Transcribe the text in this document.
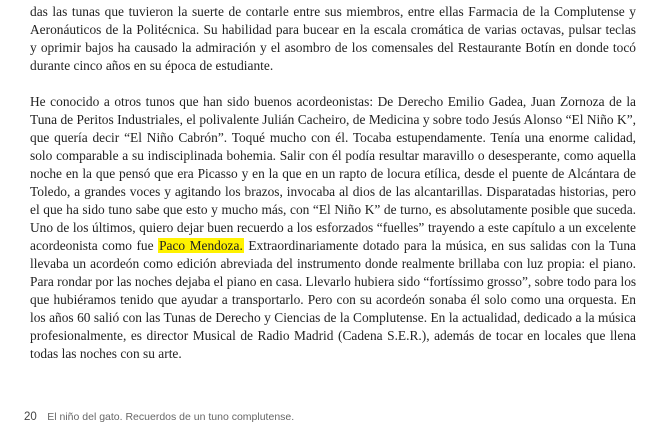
das las tunas que tuvieron la suerte de contarle entre sus miembros, entre ellas Farmacia de la Complutense y
Aeronáuticos de la Politécnica. Su habilidad para bucear en la escala cromática de varias octavas, pulsar teclas
y oprimir bajos ha causado la admiración y el asombro de los comensales del Restaurante Botín en donde tocó
durante cinco años en su época de estudiante.
He conocido a otros tunos que han sido buenos acordeonistas: De Derecho Emilio Gadea, Juan Zornoza de la
Tuna de Peritos Industriales, el polivalente Julián Cacheiro, de Medicina y sobre todo Jesús Alonso “El Niño K”,
que quería decir “El Niño Cabrón”. Toqué mucho con él. Tocaba estupendamente. Tenía una enorme calidad,
solo comparable a su indisciplinada bohemia. Salir con él podía resultar maravillo o desesperante, como aquella
noche en la que pensó que era Picasso y en la que en un rapto de locura etílica, desde el puente de Alcántara de
Toledo, a grandes voces y agitando los brazos, invocaba al dios de las alcantarillas. Disparatadas historias, pero
el que ha sido tuno sabe que esto y mucho más, con “El Niño K” de turno, es absolutamente posible que suceda.
Uno de los últimos, quiero dejar buen recuerdo a los esforzados “fuelles” trayendo a este capítulo a un excelente
acordeonista como fue Paco Mendoza. Extraordinariamente dotado para la música, en sus salidas con la Tuna
llevaba un acordeón como edición abreviada del instrumento donde realmente brillaba con luz propia: el piano.
Para rondar por las noches dejaba el piano en casa. Llevarlo hubiera sido “fortíssimo grosso”, sobre todo para los
que hubiéramos tenido que ayudar a transportarlo. Pero con su acordeón sonaba él solo como una orquesta. En
los años 60 salió con las Tunas de Derecho y Ciencias de la Complutense. En la actualidad, dedicado a la música
profesionalmente, es director Musical de Radio Madrid (Cadena S.E.R.), además de tocar en locales que llena
todas las noches con su arte.
20 El niño del gato. Recuerdos de un tuno complutense.
